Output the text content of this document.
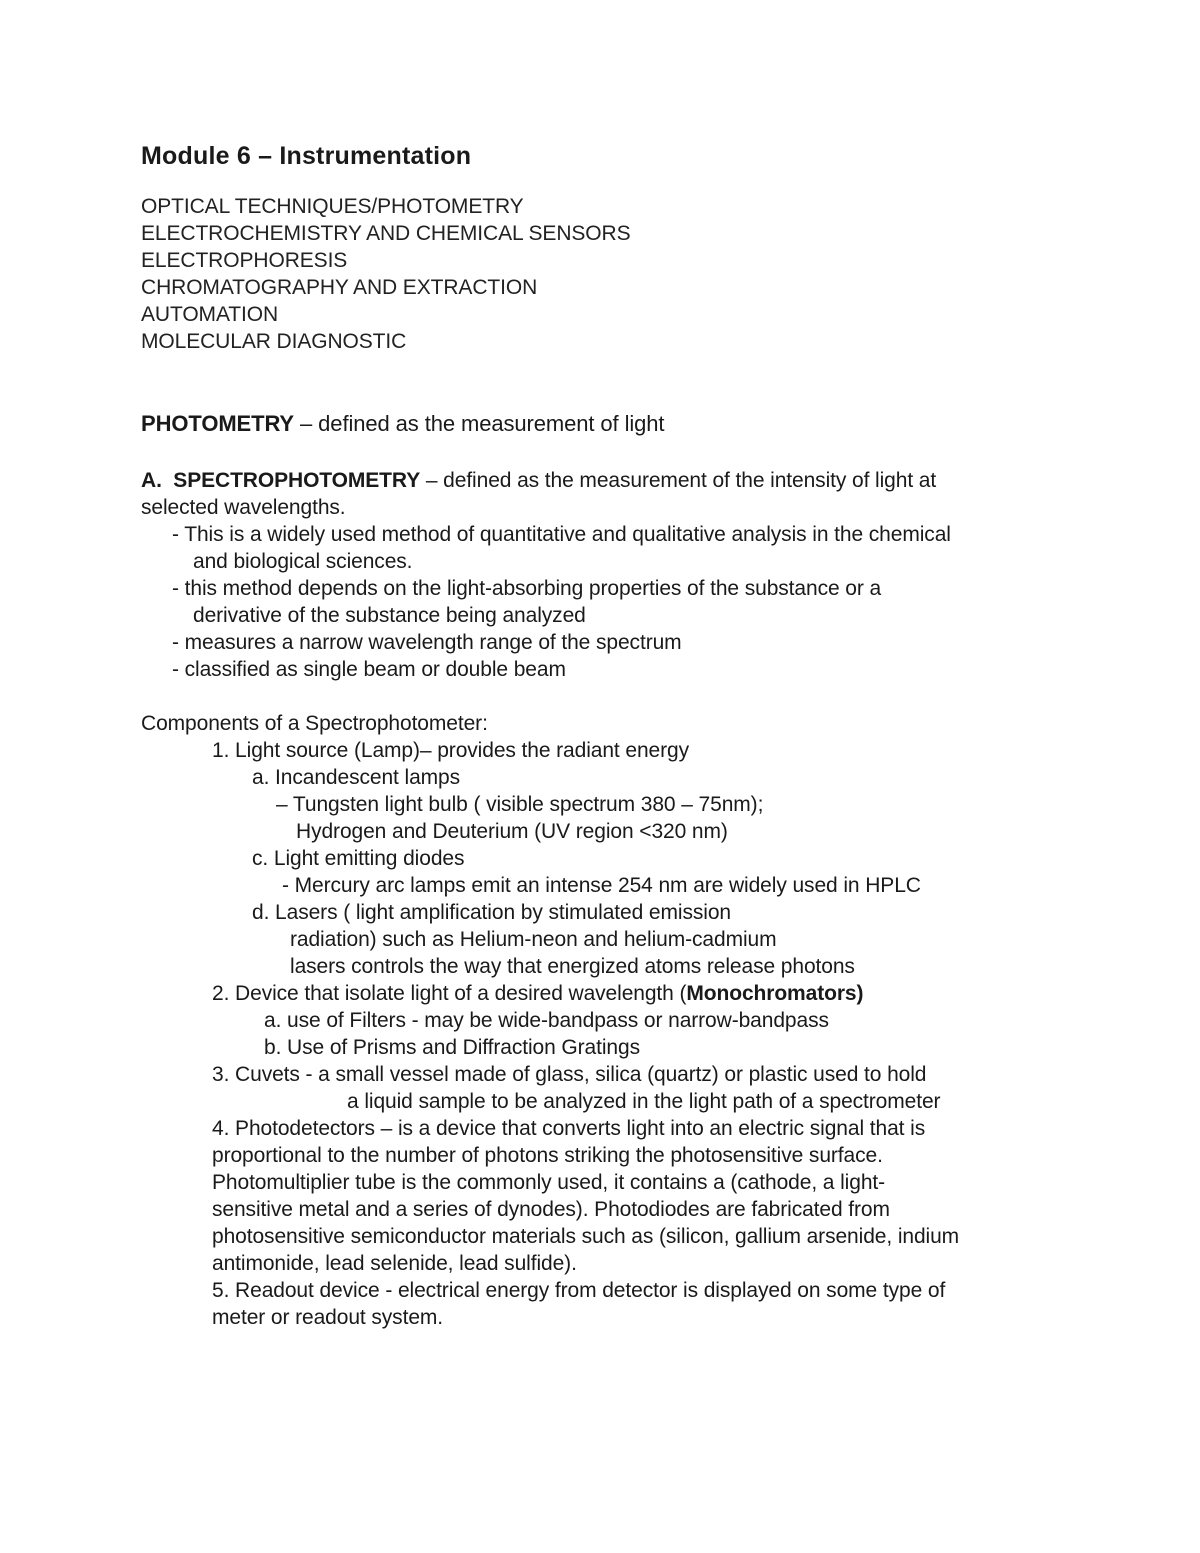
Module 6 – Instrumentation
OPTICAL TECHNIQUES/PHOTOMETRY
ELECTROCHEMISTRY AND CHEMICAL SENSORS
ELECTROPHORESIS
CHROMATOGRAPHY AND EXTRACTION
AUTOMATION
MOLECULAR DIAGNOSTIC
PHOTOMETRY – defined as the measurement of light
A.  SPECTROPHOTOMETRY – defined as the measurement of the intensity of light at
selected wavelengths.
- This is a widely used method of quantitative and qualitative analysis in the chemical
and biological sciences.
- this method depends on the light-absorbing properties of the substance or a
derivative of the substance being analyzed
- measures a narrow wavelength range of the spectrum
- classified as single beam or double beam
Components of a Spectrophotometer:
1. Light source (Lamp)– provides the radiant energy
a. Incandescent lamps
– Tungsten light bulb ( visible spectrum 380 – 75nm);
Hydrogen and Deuterium (UV region <320 nm)
c. Light emitting diodes
- Mercury arc lamps emit an intense 254 nm are widely used in HPLC
d. Lasers ( light amplification by stimulated emission
radiation) such as Helium-neon and helium-cadmium
lasers controls the way that energized atoms release photons
2. Device that isolate light of a desired wavelength (Monochromators)
a. use of Filters - may be wide-bandpass or narrow-bandpass
b. Use of Prisms and Diffraction Gratings
3. Cuvets - a small vessel made of glass, silica (quartz) or plastic used to hold
a liquid sample to be analyzed in the light path of a spectrometer
4. Photodetectors – is a device that converts light into an electric signal that is
proportional to the number of photons striking the photosensitive surface.
Photomultiplier tube is the commonly used, it contains a (cathode, a light-
sensitive metal and a series of dynodes). Photodiodes are fabricated from
photosensitive semiconductor materials such as (silicon, gallium arsenide, indium
antimonide, lead selenide, lead sulfide).
5. Readout device - electrical energy from detector is displayed on some type of
meter or readout system.
